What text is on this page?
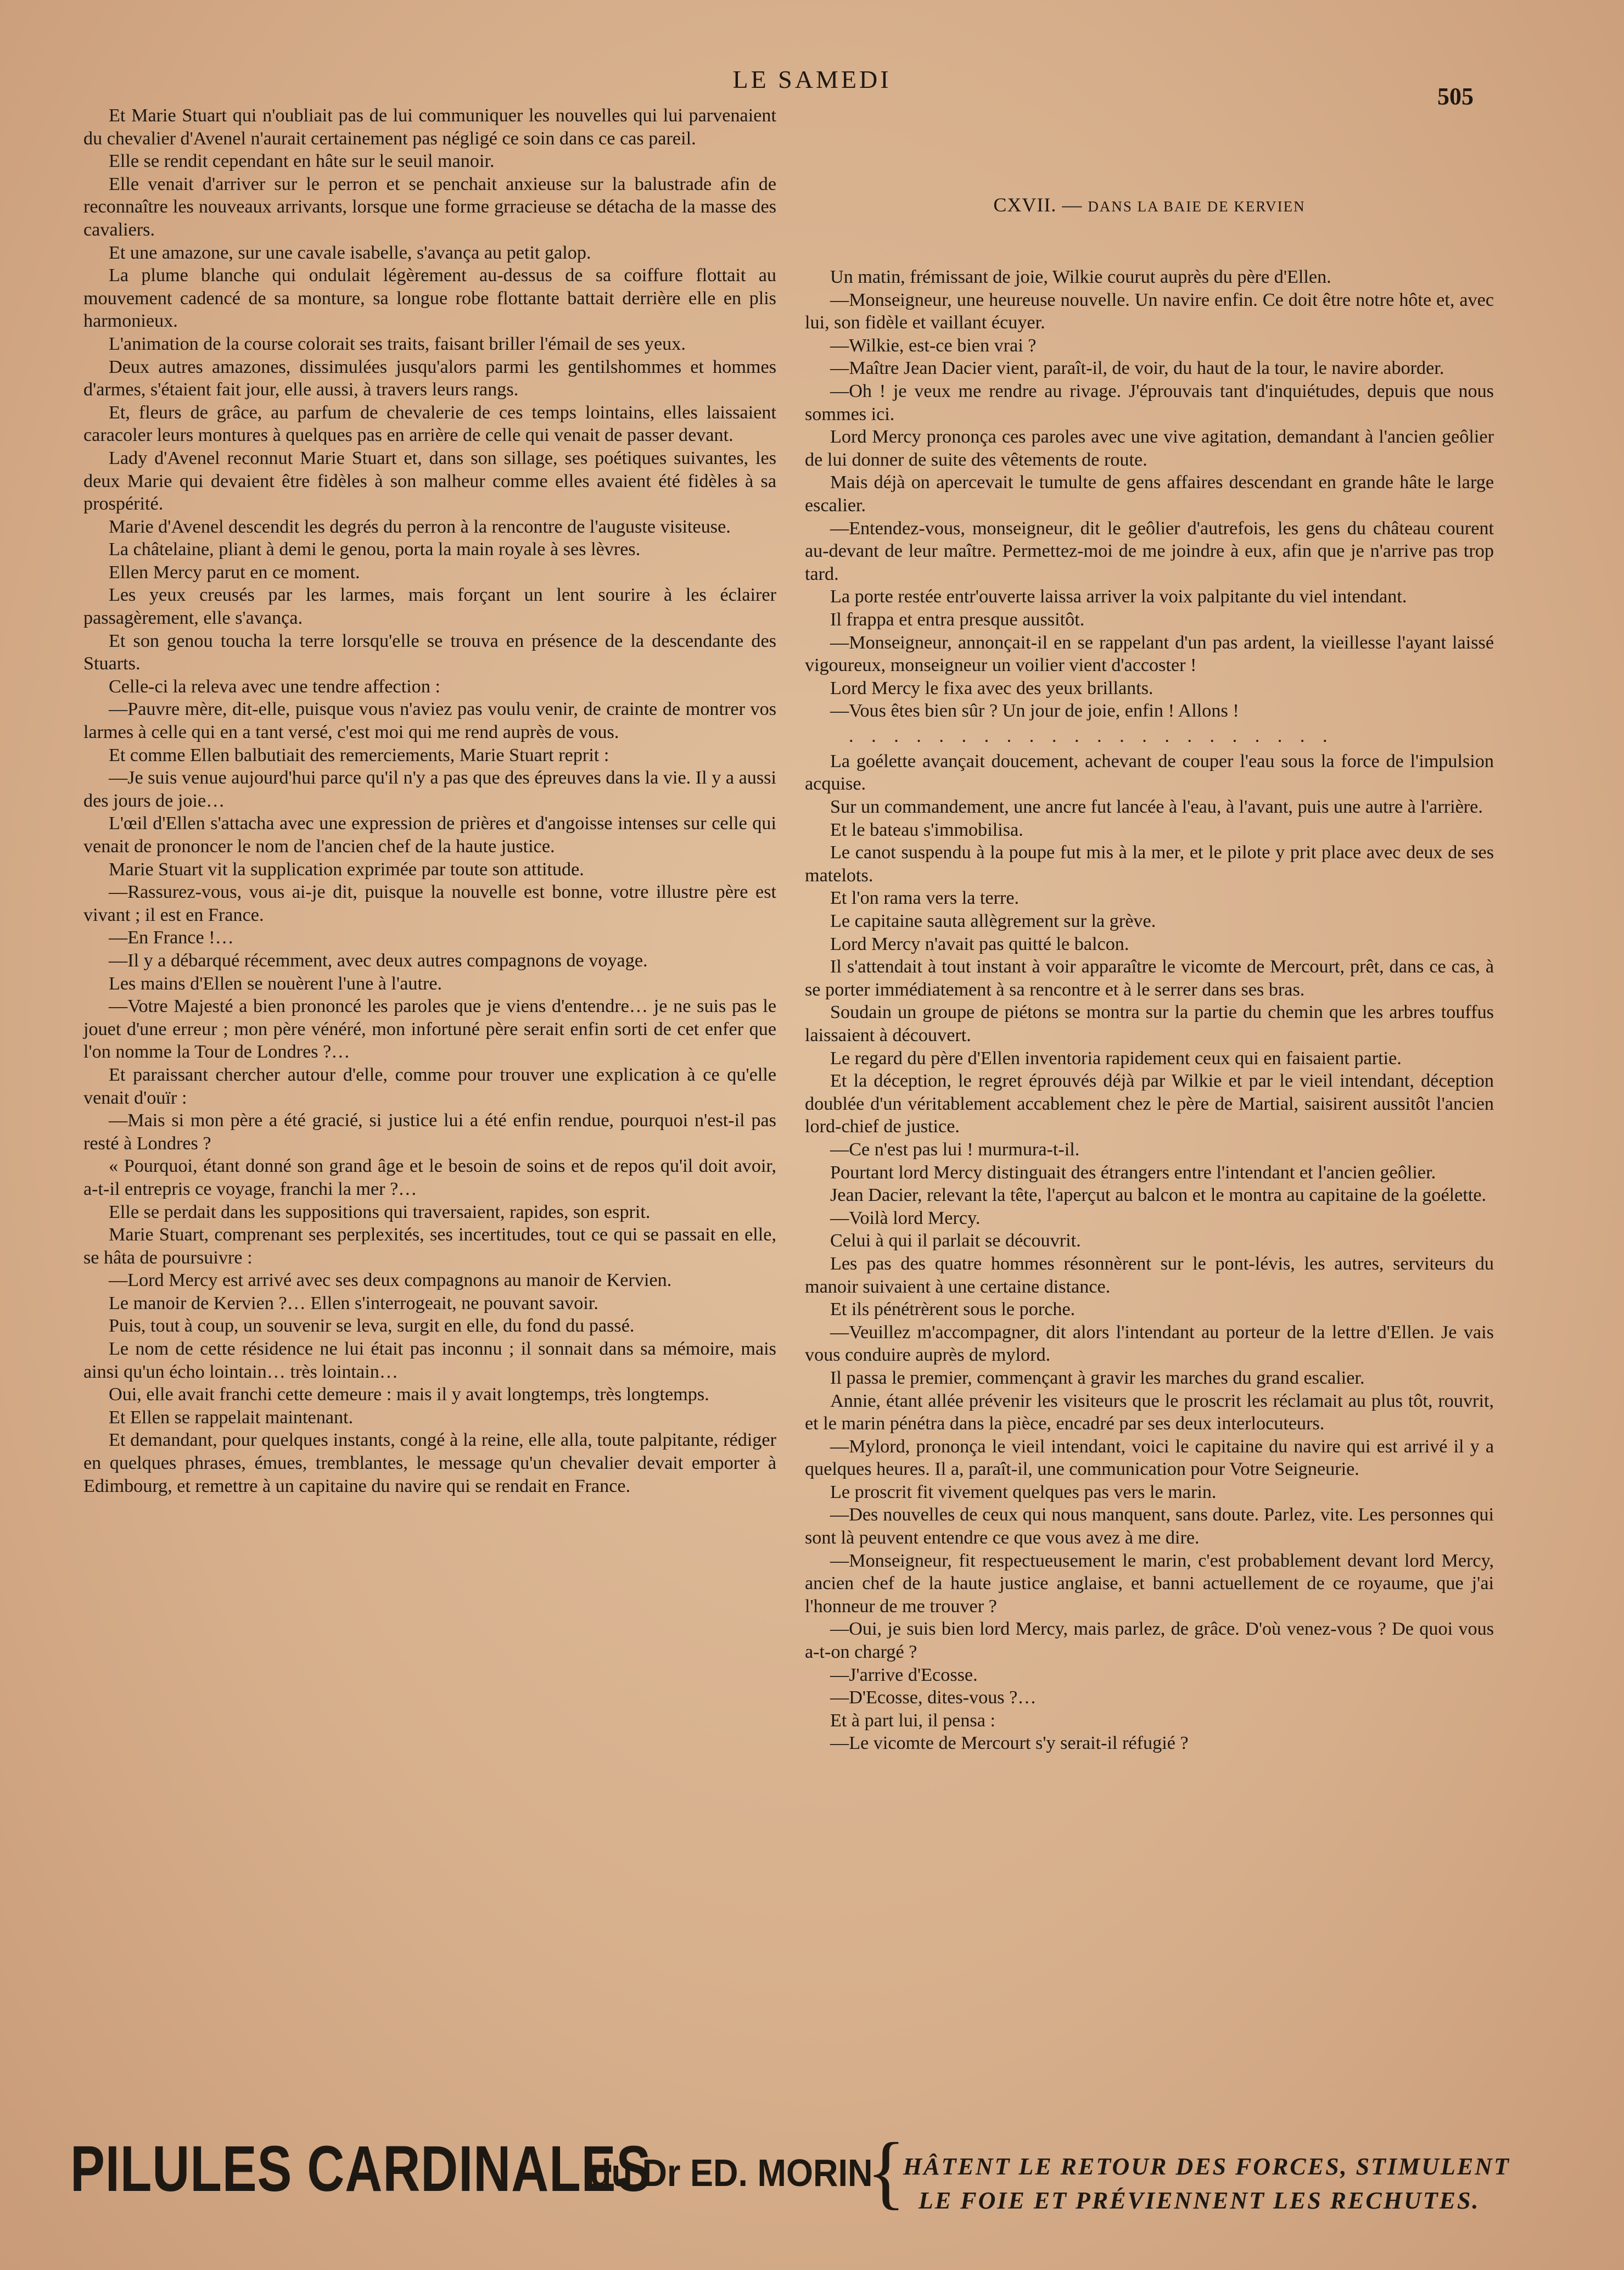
LE SAMEDI
505

Et Marie Stuart qui n'oubliait pas de lui communiquer les nouvelles qui lui parvenaient du chevalier d'Avenel n'aurait certainement pas négligé ce soin dans ce cas pareil.

Elle se rendit cependant en hâte sur le seuil manoir.

Elle venait d'arriver sur le perron et se penchait anxieuse sur la balustrade afin de reconnaître les nouveaux arrivants, lorsque une forme grracieuse se détacha de la masse des cavaliers.

Et une amazone, sur une cavale isabelle, s'avança au petit galop.

La plume blanche qui ondulait légèrement au-dessus de sa coiffure flottait au mouvement cadencé de sa monture, sa longue robe flottante battait derrière elle en plis harmonieux.

L'animation de la course colorait ses traits, faisant briller l'émail de ses yeux.

Deux autres amazones, dissimulées jusqu'alors parmi les gentilshommes et hommes d'armes, s'étaient fait jour, elle aussi, à travers leurs rangs.

Et, fleurs de grâce, au parfum de chevalerie de ces temps lointains, elles laissaient caracoler leurs montures à quelques pas en arrière de celle qui venait de passer devant.

Lady d'Avenel reconnut Marie Stuart et, dans son sillage, ses poétiques suivantes, les deux Marie qui devaient être fidèles à son malheur comme elles avaient été fidèles à sa prospérité.

Marie d'Avenel descendit les degrés du perron à la rencontre de l'auguste visiteuse.

La châtelaine, pliant à demi le genou, porta la main royale à ses lèvres.

Ellen Mercy parut en ce moment.

Les yeux creusés par les larmes, mais forçant un lent sourire à les éclairer passagèrement, elle s'avança.

Et son genou toucha la terre lorsqu'elle se trouva en présence de la descendante des Stuarts.

Celle-ci la releva avec une tendre affection :

—Pauvre mère, dit-elle, puisque vous n'aviez pas voulu venir, de crainte de montrer vos larmes à celle qui en a tant versé, c'est moi qui me rend auprès de vous.

Et comme Ellen balbutiait des remerciements, Marie Stuart reprit :

—Je suis venue aujourd'hui parce qu'il n'y a pas que des épreuves dans la vie. Il y a aussi des jours de joie…

L'œil d'Ellen s'attacha avec une expression de prières et d'angoisse intenses sur celle qui venait de prononcer le nom de l'ancien chef de la haute justice.

Marie Stuart vit la supplication exprimée par toute son attitude.

—Rassurez-vous, vous ai-je dit, puisque la nouvelle est bonne, votre illustre père est vivant ; il est en France.

—En France !…

—Il y a débarqué récemment, avec deux autres compagnons de voyage.

Les mains d'Ellen se nouèrent l'une à l'autre.

—Votre Majesté a bien prononcé les paroles que je viens d'entendre… je ne suis pas le jouet d'une erreur ; mon père vénéré, mon infortuné père serait enfin sorti de cet enfer que l'on nomme la Tour de Londres ?…

Et paraissant chercher autour d'elle, comme pour trouver une explication à ce qu'elle venait d'ouïr :

—Mais si mon père a été gracié, si justice lui a été enfin rendue, pourquoi n'est-il pas resté à Londres ?

« Pourquoi, étant donné son grand âge et le besoin de soins et de repos qu'il doit avoir, a-t-il entrepris ce voyage, franchi la mer ?…

Elle se perdait dans les suppositions qui traversaient, rapides, son esprit.

Marie Stuart, comprenant ses perplexités, ses incertitudes, tout ce qui se passait en elle, se hâta de poursuivre :

—Lord Mercy est arrivé avec ses deux compagnons au manoir de Kervien.

Le manoir de Kervien ?… Ellen s'interrogeait, ne pouvant savoir.

Puis, tout à coup, un souvenir se leva, surgit en elle, du fond du passé.

Le nom de cette résidence ne lui était pas inconnu ; il sonnait dans sa mémoire, mais ainsi qu'un écho lointain… très lointain…

Oui, elle avait franchi cette demeure : mais il y avait longtemps, très longtemps.

Et Ellen se rappelait maintenant.

Et demandant, pour quelques instants, congé à la reine, elle alla, toute palpitante, rédiger en quelques phrases, émues, tremblantes, le message qu'un chevalier devait emporter à Edimbourg, et remettre à un capitaine du navire qui se rendait en France.

CXVII. — DANS LA BAIE DE KERVIEN

Un matin, frémissant de joie, Wilkie courut auprès du père d'Ellen.

—Monseigneur, une heureuse nouvelle. Un navire enfin. Ce doit être notre hôte et, avec lui, son fidèle et vaillant écuyer.

—Wilkie, est-ce bien vrai ?

—Maître Jean Dacier vient, paraît-il, de voir, du haut de la tour, le navire aborder.

—Oh ! je veux me rendre au rivage. J'éprouvais tant d'inquiétudes, depuis que nous sommes ici.

Lord Mercy prononça ces paroles avec une vive agitation, demandant à l'ancien geôlier de lui donner de suite des vêtements de route.

Mais déjà on apercevait le tumulte de gens affaires descendant en grande hâte le large escalier.

—Entendez-vous, monseigneur, dit le geôlier d'autrefois, les gens du château courent au-devant de leur maître. Permettez-moi de me joindre à eux, afin que je n'arrive pas trop tard.

La porte restée entr'ouverte laissa arriver la voix palpitante du viel intendant.

Il frappa et entra presque aussitôt.

—Monseigneur, annonçait-il en se rappelant d'un pas ardent, la vieillesse l'ayant laissé vigoureux, monseigneur un voilier vient d'accoster !

Lord Mercy le fixa avec des yeux brillants.

—Vous êtes bien sûr ? Un jour de joie, enfin ! Allons !

. . . . . . . . . . . . . . . . . . . . . .

La goélette avançait doucement, achevant de couper l'eau sous la force de l'impulsion acquise.

Sur un commandement, une ancre fut lancée à l'eau, à l'avant, puis une autre à l'arrière.

Et le bateau s'immobilisa.

Le canot suspendu à la poupe fut mis à la mer, et le pilote y prit place avec deux de ses matelots.

Et l'on rama vers la terre.

Le capitaine sauta allègrement sur la grève.

Lord Mercy n'avait pas quitté le balcon.

Il s'attendait à tout instant à voir apparaître le vicomte de Mercourt, prêt, dans ce cas, à se porter immédiatement à sa rencontre et à le serrer dans ses bras.

Soudain un groupe de piétons se montra sur la partie du chemin que les arbres touffus laissaient à découvert.

Le regard du père d'Ellen inventoria rapidement ceux qui en faisaient partie.

Et la déception, le regret éprouvés déjà par Wilkie et par le vieil intendant, déception doublée d'un véritablement accablement chez le père de Martial, saisirent aussitôt l'ancien lord-chief de justice.

—Ce n'est pas lui ! murmura-t-il.

Pourtant lord Mercy distinguait des étrangers entre l'intendant et l'ancien geôlier.

Jean Dacier, relevant la tête, l'aperçut au balcon et le montra au capitaine de la goélette.

—Voilà lord Mercy.

Celui à qui il parlait se découvrit.

Les pas des quatre hommes résonnèrent sur le pont-lévis, les autres, serviteurs du manoir suivaient à une certaine distance.

Et ils pénétrèrent sous le porche.

—Veuillez m'accompagner, dit alors l'intendant au porteur de la lettre d'Ellen. Je vais vous conduire auprès de mylord.

Il passa le premier, commençant à gravir les marches du grand escalier.

Annie, étant allée prévenir les visiteurs que le proscrit les réclamait au plus tôt, rouvrit, et le marin pénétra dans la pièce, encadré par ses deux interlocuteurs.

—Mylord, prononça le vieil intendant, voici le capitaine du navire qui est arrivé il y a quelques heures. Il a, paraît-il, une communication pour Votre Seigneurie.

Le proscrit fit vivement quelques pas vers le marin.

—Des nouvelles de ceux qui nous manquent, sans doute. Parlez, vite. Les personnes qui sont là peuvent entendre ce que vous avez à me dire.

—Monseigneur, fit respectueusement le marin, c'est probablement devant lord Mercy, ancien chef de la haute justice anglaise, et banni actuellement de ce royaume, que j'ai l'honneur de me trouver ?

—Oui, je suis bien lord Mercy, mais parlez, de grâce. D'où venez-vous ? De quoi vous a-t-on chargé ?

—J'arrive d'Ecosse.

—D'Ecosse, dites-vous ?…

Et à part lui, il pensa :

—Le vicomte de Mercourt s'y serait-il réfugié ?

PILULES CARDINALES
du Dr ED. MORIN
{
HÂTENT LE RETOUR DES FORCES, STIMULENT
LE FOIE ET PRÉVIENNENT LES RECHUTES.
